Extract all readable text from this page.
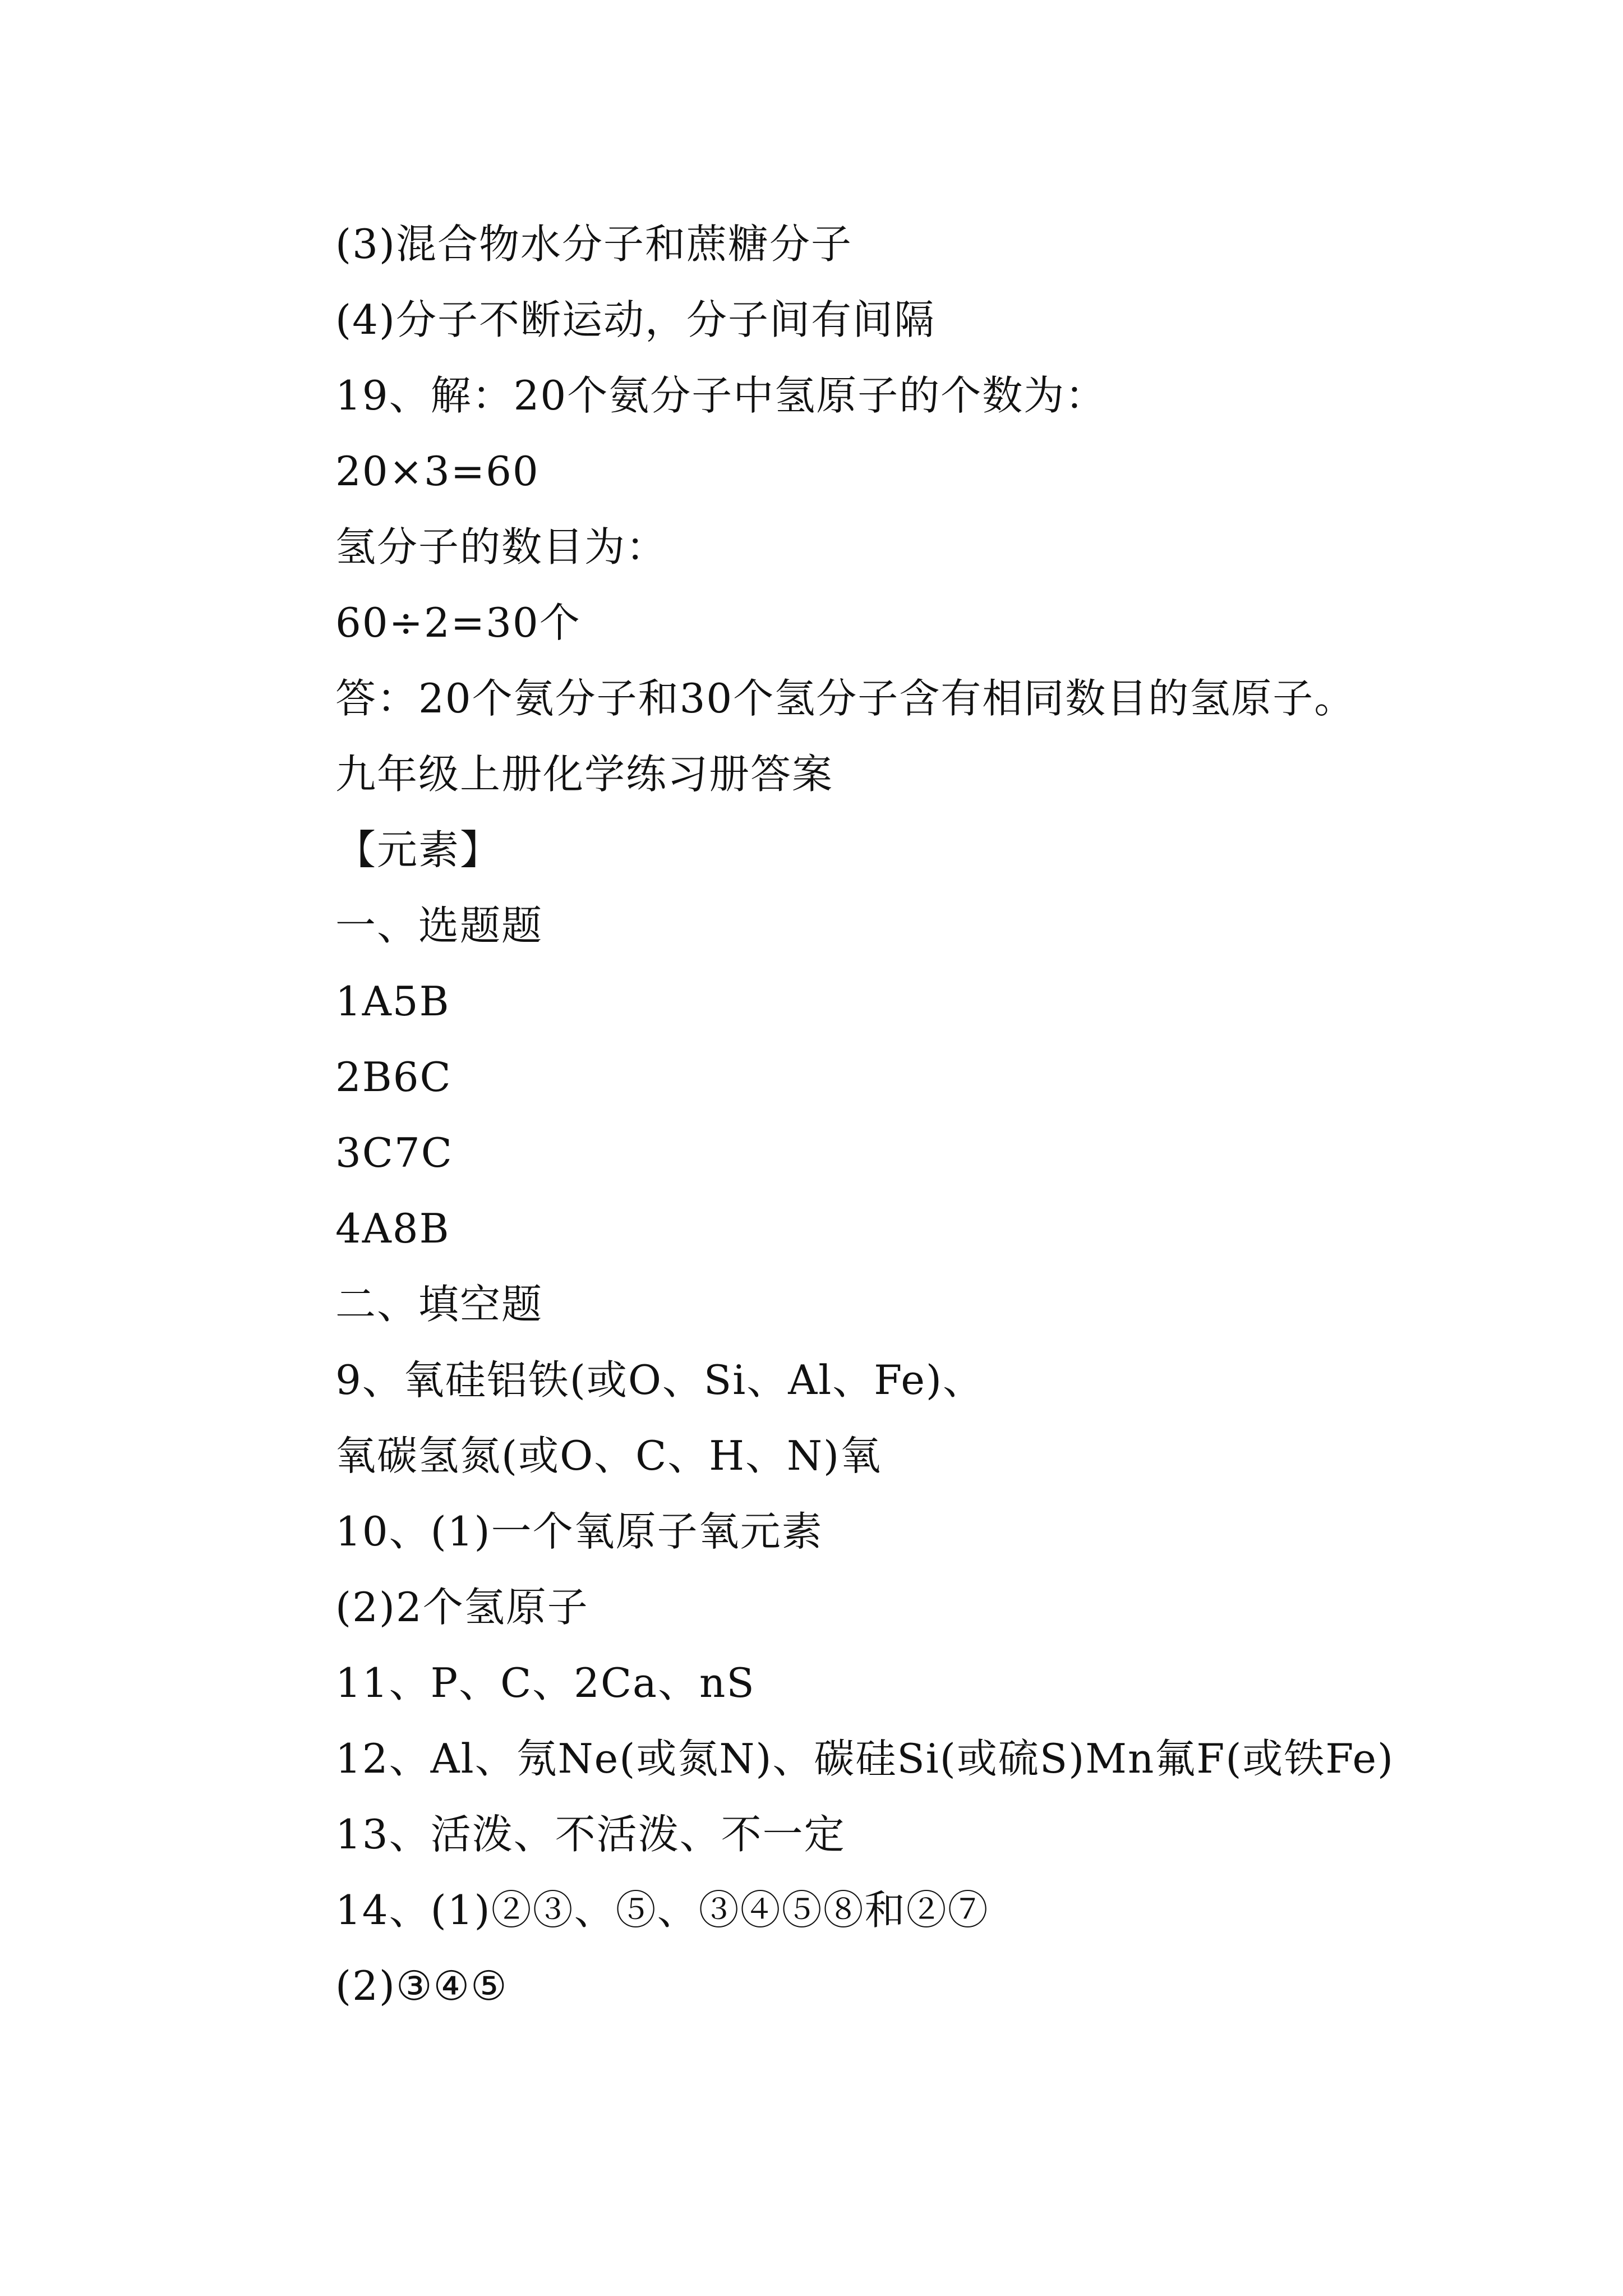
(3)混合物水分子和蔗糖分子
(4)分子不断运动，分子间有间隔
19、解：20个氨分子中氢原子的个数为：
20×3=60
氢分子的数目为：
60÷2=30个
答：20个氨分子和30个氢分子含有相同数目的氢原子。
九年级上册化学练习册答案
【元素】
一、选题题
1A5B
2B6C
3C7C
4A8B
二、填空题
9、氧硅铝铁(或O、Si、Al、Fe)、
氧碳氢氮(或O、C、H、N)氧
10、(1)一个氧原子氧元素
(2)2个氢原子
11、P、C、2Ca、nS
12、Al、氖Ne(或氮N)、碳硅Si(或硫S)Mn氟F(或铁Fe)
13、活泼、不活泼、不一定
14、(1)②③、⑤、③④⑤⑧和②⑦
(2)③④⑤
